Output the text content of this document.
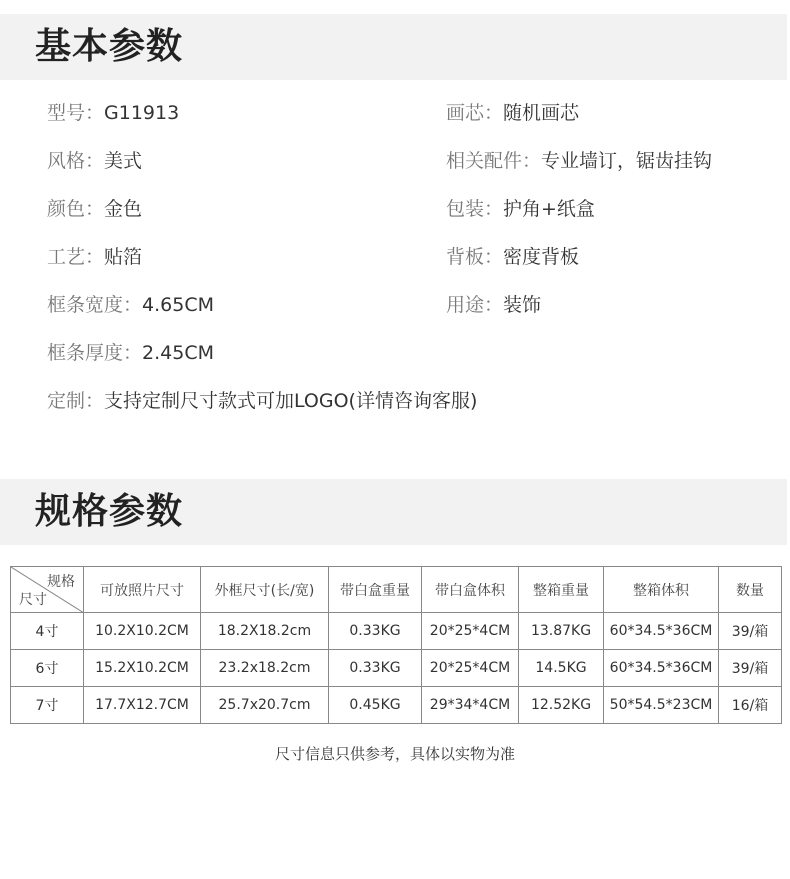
基本参数
型号：G11913	画芯：随机画芯
风格：美式	相关配件：专业墙订，锯齿挂钩
颜色：金色	包装：护角+纸盒
工艺：贴箔	背板：密度背板
框条宽度：4.65CM	用途：装饰
框条厚度：2.45CM
定制：支持定制尺寸款式可加LOGO(详情咨询客服)
规格参数
规格
尺寸	可放照片尺寸	外框尺寸(长/宽)	带白盒重量	带白盒体积	整箱重量	整箱体积	数量
4寸	10.2X10.2CM	18.2X18.2cm	0.33KG	20*25*4CM	13.87KG	60*34.5*36CM	39/箱
6寸	15.2X10.2CM	23.2x18.2cm	0.33KG	20*25*4CM	14.5KG	60*34.5*36CM	39/箱
7寸	17.7X12.7CM	25.7x20.7cm	0.45KG	29*34*4CM	12.52KG	50*54.5*23CM	16/箱
尺寸信息只供参考，具体以实物为准
